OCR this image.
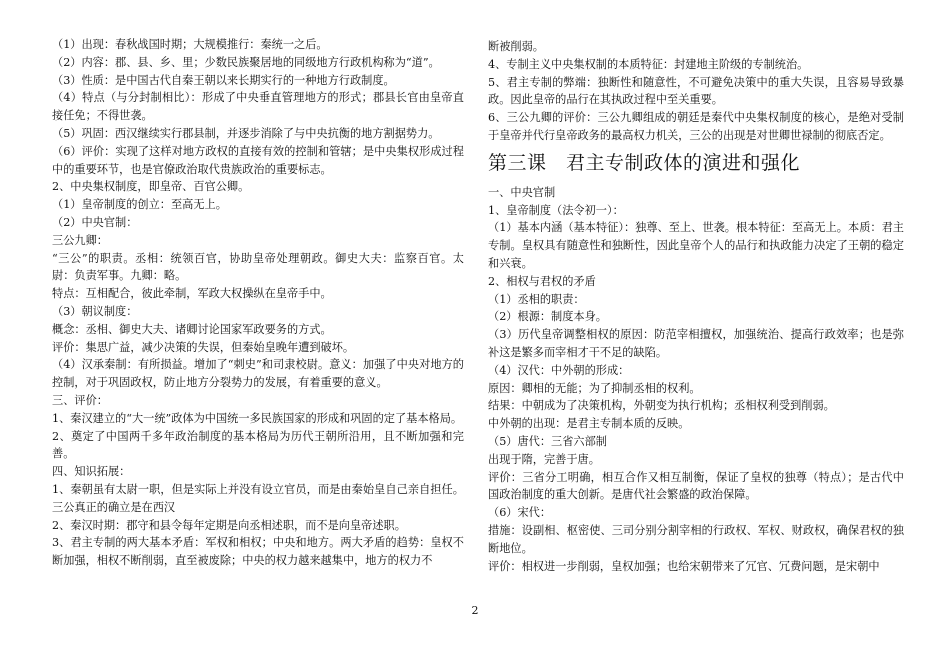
（1）出现：春秋战国时期；大规模推行：秦统一之后。

（2）内容：郡、县、乡、里；少数民族聚居地的同级地方行政机构称为“道”。

（3）性质：是中国古代自秦王朝以来长期实行的一种地方行政制度。

（4）特点（与分封制相比）：形成了中央垂直管理地方的形式；郡县长官由皇帝直接任免；不得世袭。

（5）巩固：西汉继续实行郡县制，并逐步消除了与中央抗衡的地方割据势力。

（6）评价：实现了这样对地方政权的直接有效的控制和管辖；是中央集权形成过程中的重要环节，也是官僚政治取代贵族政治的重要标志。

2、中央集权制度，即皇帝、百官公卿。

（1）皇帝制度的创立：至高无上。

（2）中央官制：

三公九卿：

“三公”的职责。丞相：统领百官，协助皇帝处理朝政。御史大夫：监察百官。太尉：负责军事。九卿：略。

特点：互相配合，彼此牵制，军政大权操纵在皇帝手中。

（3）朝议制度：

概念：丞相、御史大夫、诸卿讨论国家军政要务的方式。

评价：集思广益，减少决策的失误，但秦始皇晚年遭到破坏。

（4）汉承秦制：有所损益。增加了“刺史”和司隶校尉。意义：加强了中央对地方的控制，对于巩固政权，防止地方分裂势力的发展，有着重要的意义。

三、评价：

1、秦汉建立的“大一统”政体为中国统一多民族国家的形成和巩固的定了基本格局。

2、奠定了中国两千多年政治制度的基本格局为历代王朝所沿用，且不断加强和完善。

四、知识拓展：

1、秦朝虽有太尉一职，但是实际上并没有设立官员，而是由秦始皇自己亲自担任。三公真正的确立是在西汉

2、秦汉时期：郡守和县令每年定期是向丞相述职，而不是向皇帝述职。

3、君主专制的两大基本矛盾：军权和相权；中央和地方。两大矛盾的趋势：皇权不断加强，相权不断削弱，直至被废除；中央的权力越来越集中，地方的权力不

断被削弱。

4、专制主义中央集权制的本质特征：封建地主阶级的专制统治。

5、君主专制的弊端：独断性和随意性，不可避免决策中的重大失误，且容易导致暴政。因此皇帝的品行在其执政过程中至关重要。

6、三公九卿的评价：三公九卿组成的朝廷是秦代中央集权制度的核心，是绝对受制于皇帝并代行皇帝政务的最高权力机关，三公的出现是对世卿世禄制的彻底否定。

第三课　君主专制政体的演进和强化

一、中央官制

1、皇帝制度（法令初一）：

（1）基本内涵（基本特征）：独尊、至上、世袭。根本特征：至高无上。本质：君主专制。皇权具有随意性和独断性，因此皇帝个人的品行和执政能力决定了王朝的稳定和兴衰。

2、相权与君权的矛盾

（1）丞相的职责：

（2）根源：制度本身。

（3）历代皇帝调整相权的原因：防范宰相擅权，加强统治、提高行政效率；也是弥补这是繁多而宰相才干不足的缺陷。

（4）汉代：中外朝的形成：

原因：卿相的无能；为了抑制丞相的权利。

结果：中朝成为了决策机构，外朝变为执行机构；丞相权利受到削弱。

中外朝的出现：是君主专制本质的反映。

（5）唐代：三省六部制

出现于隋，完善于唐。

评价：三省分工明确，相互合作又相互制衡，保证了皇权的独尊（特点）；是古代中国政治制度的重大创新。是唐代社会繁盛的政治保障。

（6）宋代：

措施：设副相、枢密使、三司分别分割宰相的行政权、军权、财政权，确保君权的独断地位。

评价：相权进一步削弱，皇权加强；也给宋朝带来了冗官、冗费问题，是宋朝中

2
